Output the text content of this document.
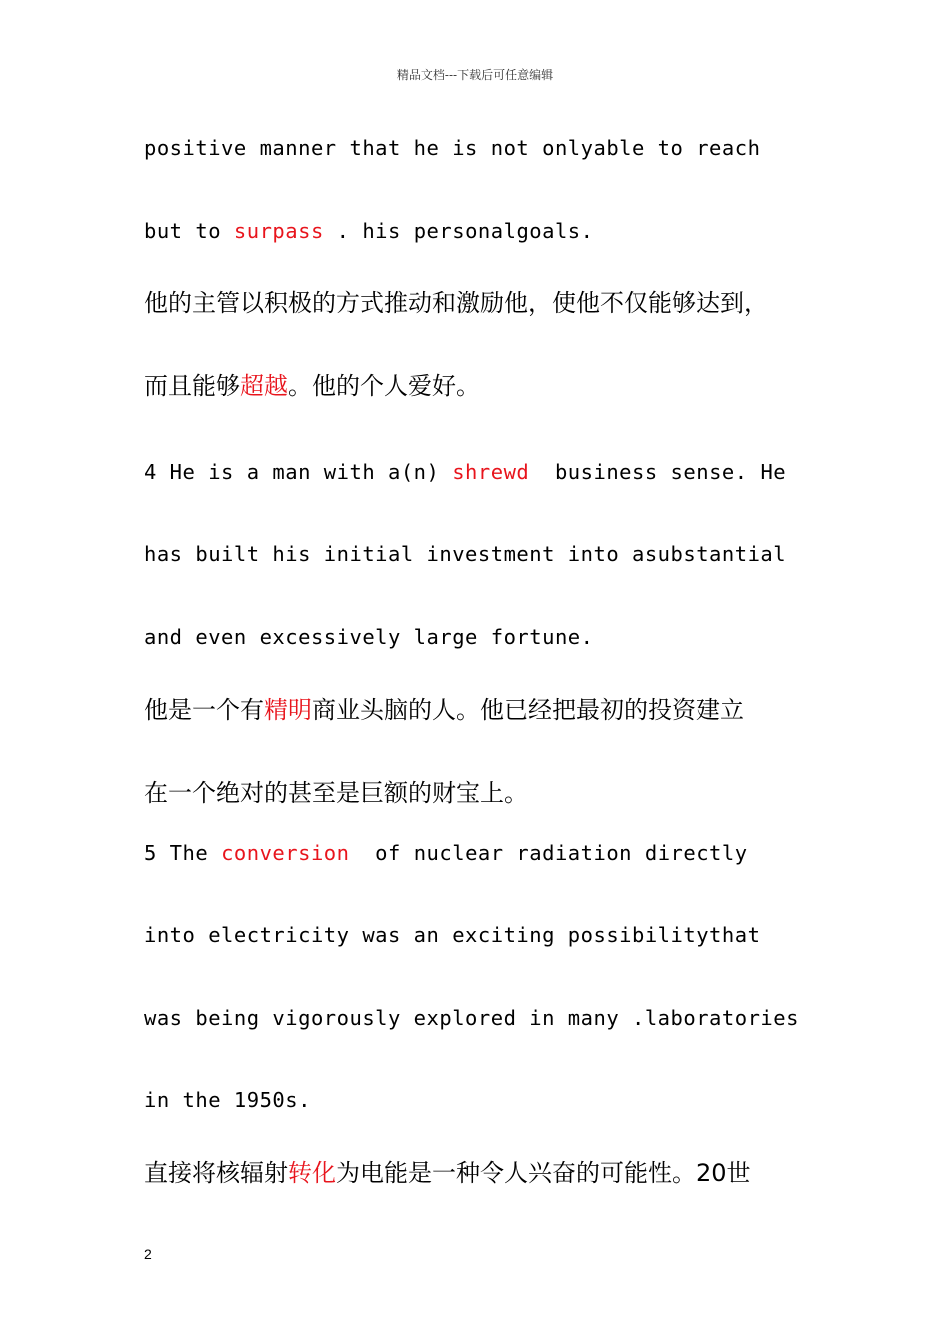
精品文档---下载后可任意编辑
positive manner that he is not onlyable to reach
but to surpass . his personalgoals.
他的主管以积极的方式推动和激励他，使他不仅能够达到，
而且能够超越。他的个人爱好。
4 He is a man with a(n) shrewd  business sense. He
has built his initial investment into asubstantial
and even excessively large fortune.
他是一个有精明商业头脑的人。他已经把最初的投资建立
在一个绝对的甚至是巨额的财宝上。
5 The conversion  of nuclear radiation directly
into electricity was an exciting possibilitythat
was being vigorously explored in many .laboratories
in the 1950s.
直接将核辐射转化为电能是一种令人兴奋的可能性。20世
2
